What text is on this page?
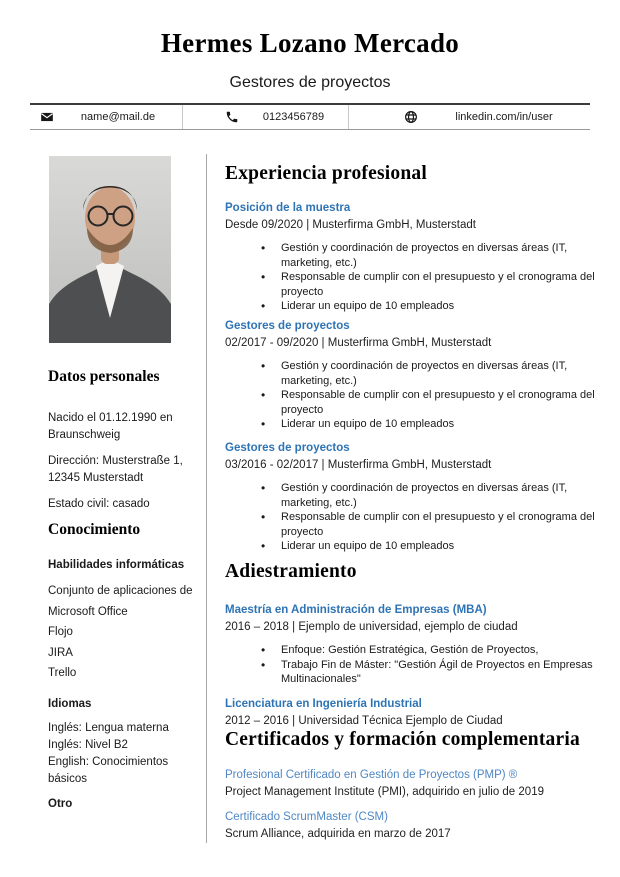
Hermes Lozano Mercado
Gestores de proyectos
name@mail.de	0123456789	linkedin.com/in/user
Datos personales

Nacido el 01.12.1990 en Braunschweig

Dirección: Musterstraße 1, 12345 Musterstadt

Estado civil: casado

Conocimiento
Habilidades informáticas

Conjunto de aplicaciones de Microsoft Office

Flojo

JIRA

Trello

Idiomas

Inglés: Lengua materna

Inglés: Nivel B2

English: Conocimientos básicos

Otro
Experiencia profesional
Posición de la muestra
Desde 09/2020 | Musterfirma GmbH, Musterstadt
• Gestión y coordinación de proyectos en diversas áreas (IT, marketing, etc.)
• Responsable de cumplir con el presupuesto y el cronograma del proyecto
• Liderar un equipo de 10 empleados
Gestores de proyectos
02/2017 - 09/2020 | Musterfirma GmbH, Musterstadt
• Gestión y coordinación de proyectos en diversas áreas (IT, marketing, etc.)
• Responsable de cumplir con el presupuesto y el cronograma del proyecto
• Liderar un equipo de 10 empleados
Gestores de proyectos
03/2016 - 02/2017 | Musterfirma GmbH, Musterstadt
• Gestión y coordinación de proyectos en diversas áreas (IT, marketing, etc.)
• Responsable de cumplir con el presupuesto y el cronograma del proyecto
• Liderar un equipo de 10 empleados
Adiestramiento
Maestría en Administración de Empresas (MBA)
2016 – 2018 | Ejemplo de universidad, ejemplo de ciudad
• Enfoque: Gestión Estratégica, Gestión de Proyectos,
• Trabajo Fin de Máster: "Gestión Ágil de Proyectos en Empresas Multinacionales"
Licenciatura en Ingeniería Industrial
2012 – 2016 | Universidad Técnica Ejemplo de Ciudad
Certificados y formación complementaria
Profesional Certificado en Gestión de Proyectos (PMP) ®
Project Management Institute (PMI), adquirido en julio de 2019
Certificado ScrumMaster (CSM)
Scrum Alliance, adquirida en marzo de 2017
